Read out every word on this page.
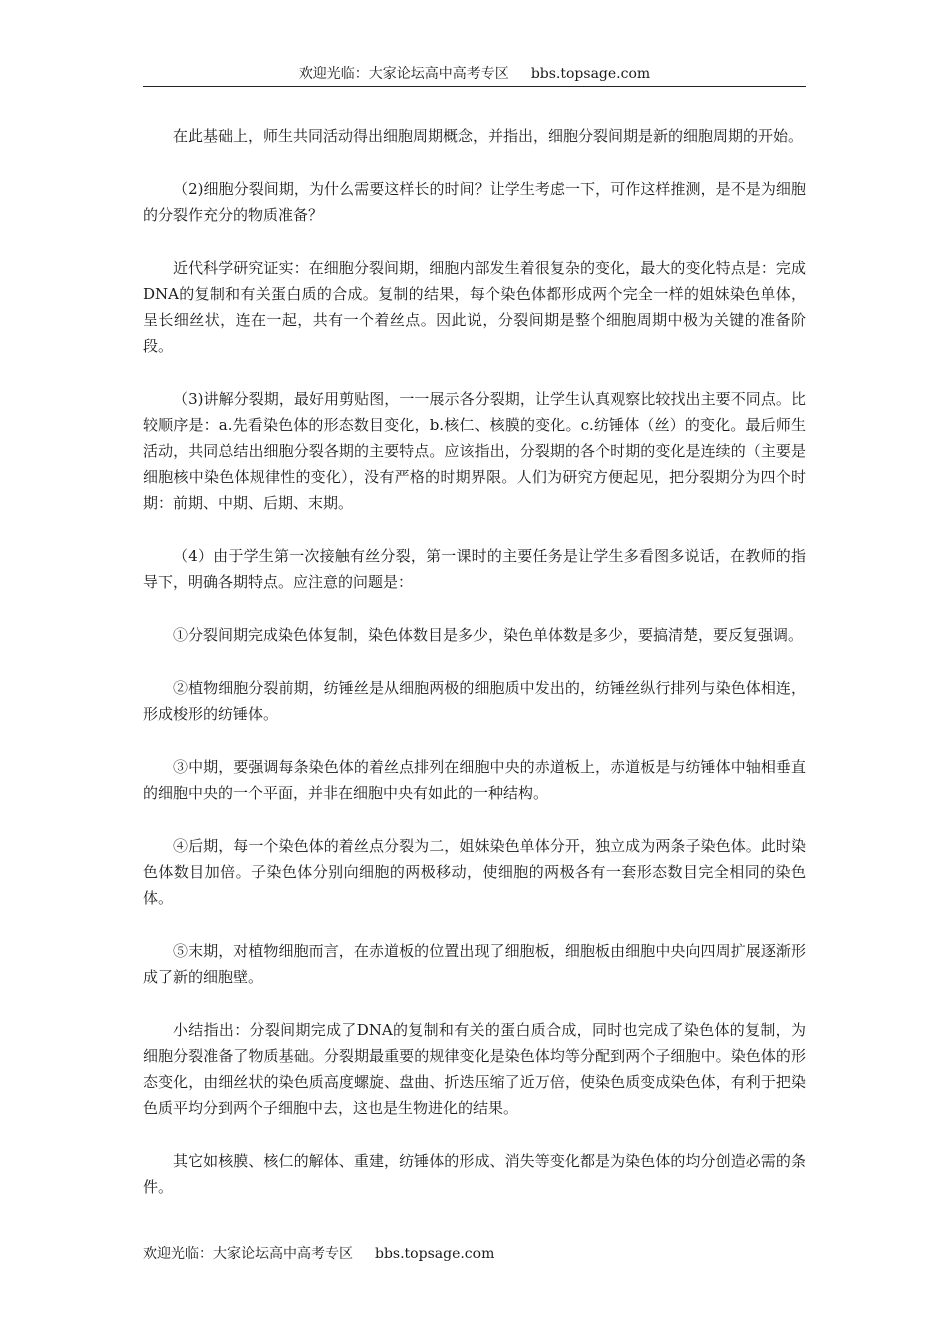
欢迎光临：大家论坛高中高考专区 bbs.topsage.com

在此基础上，师生共同活动得出细胞周期概念，并指出，细胞分裂间期是新的细胞周期的开始。

（2)细胞分裂间期，为什么需要这样长的时间？让学生考虑一下，可作这样推测，是不是为细胞的分裂作充分的物质准备？

近代科学研究证实：在细胞分裂间期，细胞内部发生着很复杂的变化，最大的变化特点是：完成DNA的复制和有关蛋白质的合成。复制的结果，每个染色体都形成两个完全一样的姐妹染色单体，呈长细丝状，连在一起，共有一个着丝点。因此说，分裂间期是整个细胞周期中极为关键的准备阶段。

（3)讲解分裂期，最好用剪贴图，一一展示各分裂期，让学生认真观察比较找出主要不同点。比较顺序是：a.先看染色体的形态数目变化，b.核仁、核膜的变化。c.纺锤体（丝）的变化。最后师生活动，共同总结出细胞分裂各期的主要特点。应该指出，分裂期的各个时期的变化是连续的（主要是细胞核中染色体规律性的变化），没有严格的时期界限。人们为研究方便起见，把分裂期分为四个时期：前期、中期、后期、末期。

（4）由于学生第一次接触有丝分裂，第一课时的主要任务是让学生多看图多说话，在教师的指导下，明确各期特点。应注意的问题是：

①分裂间期完成染色体复制，染色体数目是多少，染色单体数是多少，要搞清楚，要反复强调。

②植物细胞分裂前期，纺锤丝是从细胞两极的细胞质中发出的，纺锤丝纵行排列与染色体相连，形成梭形的纺锤体。

③中期，要强调每条染色体的着丝点排列在细胞中央的赤道板上，赤道板是与纺锤体中轴相垂直的细胞中央的一个平面，并非在细胞中央有如此的一种结构。

④后期，每一个染色体的着丝点分裂为二，姐妹染色单体分开，独立成为两条子染色体。此时染色体数目加倍。子染色体分别向细胞的两极移动，使细胞的两极各有一套形态数目完全相同的染色体。

⑤末期，对植物细胞而言，在赤道板的位置出现了细胞板，细胞板由细胞中央向四周扩展逐渐形成了新的细胞壁。

小结指出：分裂间期完成了DNA的复制和有关的蛋白质合成，同时也完成了染色体的复制，为细胞分裂准备了物质基础。分裂期最重要的规律变化是染色体均等分配到两个子细胞中。染色体的形态变化，由细丝状的染色质高度螺旋、盘曲、折迭压缩了近万倍，使染色质变成染色体，有利于把染色质平均分到两个子细胞中去，这也是生物进化的结果。

其它如核膜、核仁的解体、重建，纺锤体的形成、消失等变化都是为染色体的均分创造必需的条件。

欢迎光临：大家论坛高中高考专区 bbs.topsage.com
